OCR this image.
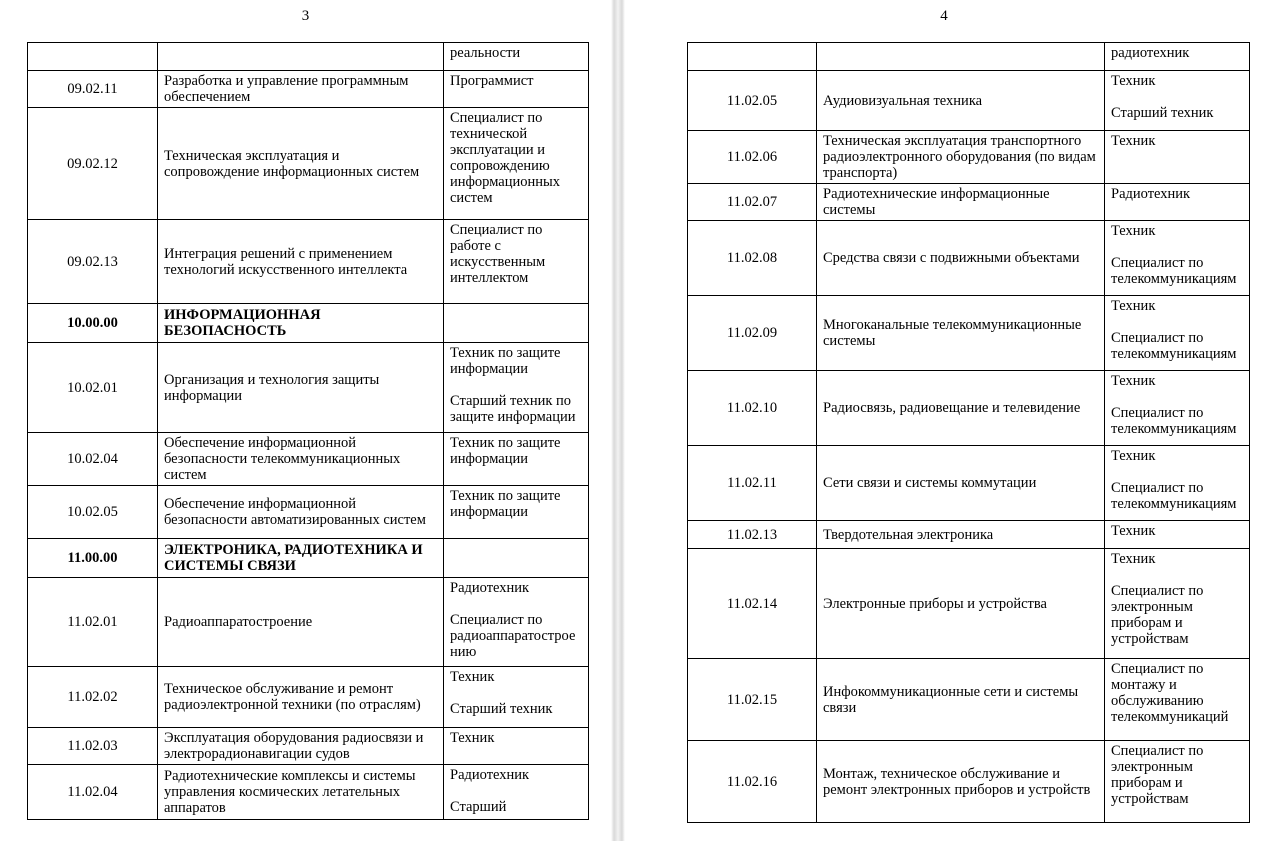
3

		реальности

09.02.11	Разработка и управление программным обеспечением	Программист

09.02.12	Техническая эксплуатация и сопровождение информационных систем	Специалист по технической эксплуатации и сопровождению информационных систем

09.02.13	Интеграция решений с применением технологий искусственного интеллекта	Специалист по работе с искусственным интеллектом

10.00.00	ИНФОРМАЦИОННАЯ БЕЗОПАСНОСТЬ	
10.02.01	Организация и технология защиты информации	Техник по защите информации

Старший техник по защите информации

10.02.04	Обеспечение информационной безопасности телекоммуникационных систем	Техник по защите информации

10.02.05	Обеспечение информационной безопасности автоматизированных систем	Техник по защите информации

11.00.00	ЭЛЕКТРОНИКА, РАДИОТЕХНИКА И СИСТЕМЫ СВЯЗИ	
11.02.01	Радиоаппаратостроение	Радиотехник

Специалист по радиоаппаратостроению

11.02.02	Техническое обслуживание и ремонт радиоэлектронной техники (по отраслям)	Техник

Старший техник

11.02.03	Эксплуатация оборудования радиосвязи и электрорадионавигации судов	Техник

11.02.04	Радиотехнические комплексы и системы управления космических летательных аппаратов	Радиотехник

Старший

4

		радиотехник

11.02.05	Аудиовизуальная техника	Техник

Старший техник

11.02.06	Техническая эксплуатация транспортного радиоэлектронного оборудования (по видам транспорта)	Техник

11.02.07	Радиотехнические информационные системы	Радиотехник

11.02.08	Средства связи с подвижными объектами	Техник

Специалист по телекоммуникациям

11.02.09	Многоканальные телекоммуникационные системы	Техник

Специалист по телекоммуникациям

11.02.10	Радиосвязь, радиовещание и телевидение	Техник

Специалист по телекоммуникациям

11.02.11	Сети связи и системы коммутации	Техник

Специалист по телекоммуникациям

11.02.13	Твердотельная электроника	Техник

11.02.14	Электронные приборы и устройства	Техник

Специалист по электронным приборам и устройствам

11.02.15	Инфокоммуникационные сети и системы связи	Специалист по монтажу и обслуживанию телекоммуникаций

11.02.16	Монтаж, техническое обслуживание и ремонт электронных приборов и устройств	Специалист по электронным приборам и устройствам
